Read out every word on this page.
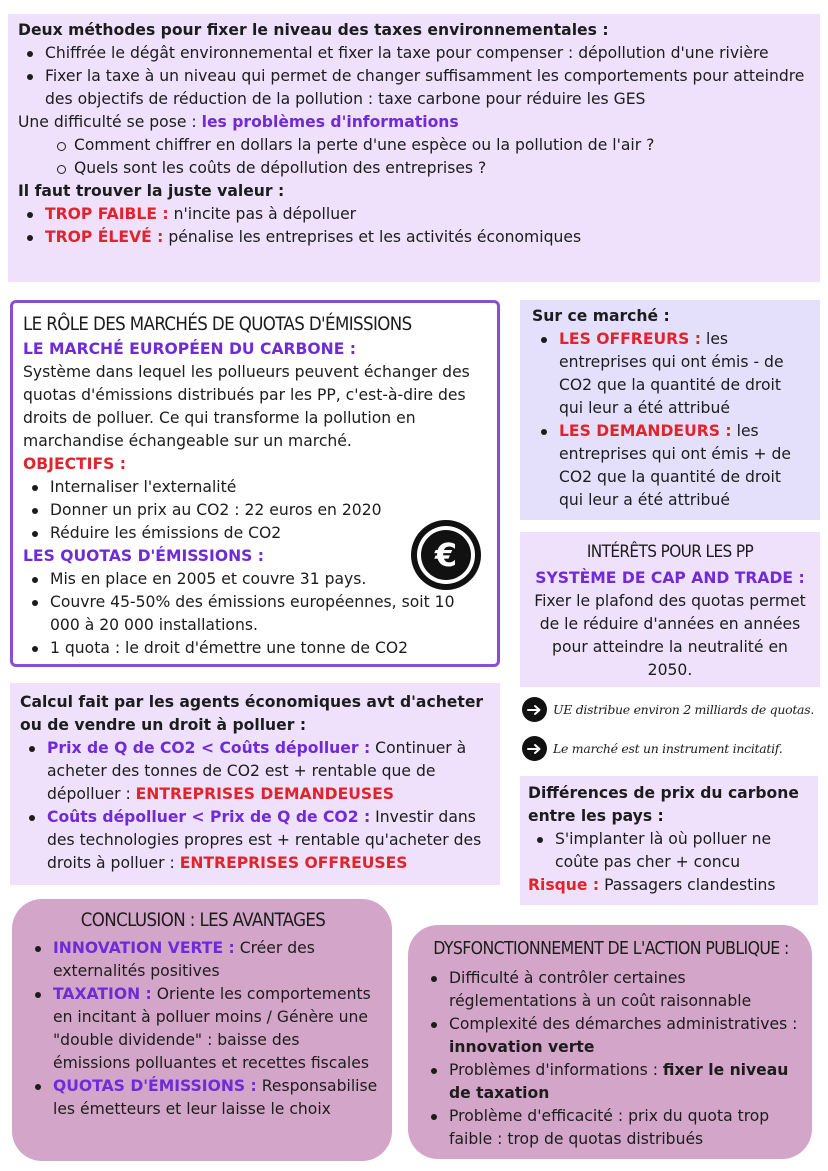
Deux méthodes pour fixer le niveau des taxes environnementales :

Chiffrée le dégât environnemental et fixer la taxe pour compenser : dépollution d'une rivière
Fixer la taxe à un niveau qui permet de changer suffisamment les comportements pour atteindre des objectifs de réduction de la pollution : taxe carbone pour réduire les GES

Une difficulté se pose : les problèmes d'informations

Comment chiffrer en dollars la perte d'une espèce ou la pollution de l'air ?
Quels sont les coûts de dépollution des entreprises ?

Il faut trouver la juste valeur :

TROP FAIBLE : n'incite pas à dépolluer
TROP ÉLEVÉ : pénalise les entreprises et les activités économiques

LE RÔLE DES MARCHÉS DE QUOTAS D'ÉMISSIONS

LE MARCHÉ EUROPÉEN DU CARBONE :

Système dans lequel les pollueurs peuvent échanger des quotas d'émissions distribués par les PP, c'est-à-dire des droits de polluer. Ce qui transforme la pollution en marchandise échangeable sur un marché.

OBJECTIFS :

Internaliser l'externalité
Donner un prix au CO2 : 22 euros en 2020
Réduire les émissions de CO2

LES QUOTAS D'ÉMISSIONS :

Mis en place en 2005 et couvre 31 pays.
Couvre 45-50% des émissions européennes, soit 10 000 à 20 000 installations.
1 quota : le droit d'émettre une tonne de CO2
€

Sur ce marché :

LES OFFREURS : les entreprises qui ont émis - de CO2 que la quantité de droit qui leur a été attribué
LES DEMANDEURS : les entreprises qui ont émis + de CO2 que la quantité de droit qui leur a été attribué

INTÉRÊTS POUR LES PP

SYSTÈME DE CAP AND TRADE :

Fixer le plafond des quotas permet de le réduire d'années en années pour atteindre la neutralité en 2050.

Calcul fait par les agents économiques avt d'acheter ou de vendre un droit à polluer :

Prix de Q de CO2 < Coûts dépolluer : Continuer à acheter des tonnes de CO2 est + rentable que de dépolluer : ENTREPRISES DEMANDEUSES
Coûts dépolluer < Prix de Q de CO2 : Investir dans des technologies propres est + rentable qu'acheter des droits à polluer : ENTREPRISES OFFREUSES
UE distribue environ 2 milliards de quotas.
Le marché est un instrument incitatif.

Différences de prix du carbone entre les pays :

S'implanter là où polluer ne coûte pas cher + concu

Risque : Passagers clandestins

CONCLUSION : LES AVANTAGES

INNOVATION VERTE : Créer des externalités positives
TAXATION : Oriente les comportements en incitant à polluer moins / Génère une "double dividende" : baisse des émissions polluantes et recettes fiscales
QUOTAS D'ÉMISSIONS : Responsabilise les émetteurs et leur laisse le choix

DYSFONCTIONNEMENT DE L'ACTION PUBLIQUE :

Difficulté à contrôler certaines réglementations à un coût raisonnable
Complexité des démarches administratives : innovation verte
Problèmes d'informations : fixer le niveau de taxation
Problème d'efficacité : prix du quota trop faible : trop de quotas distribués
